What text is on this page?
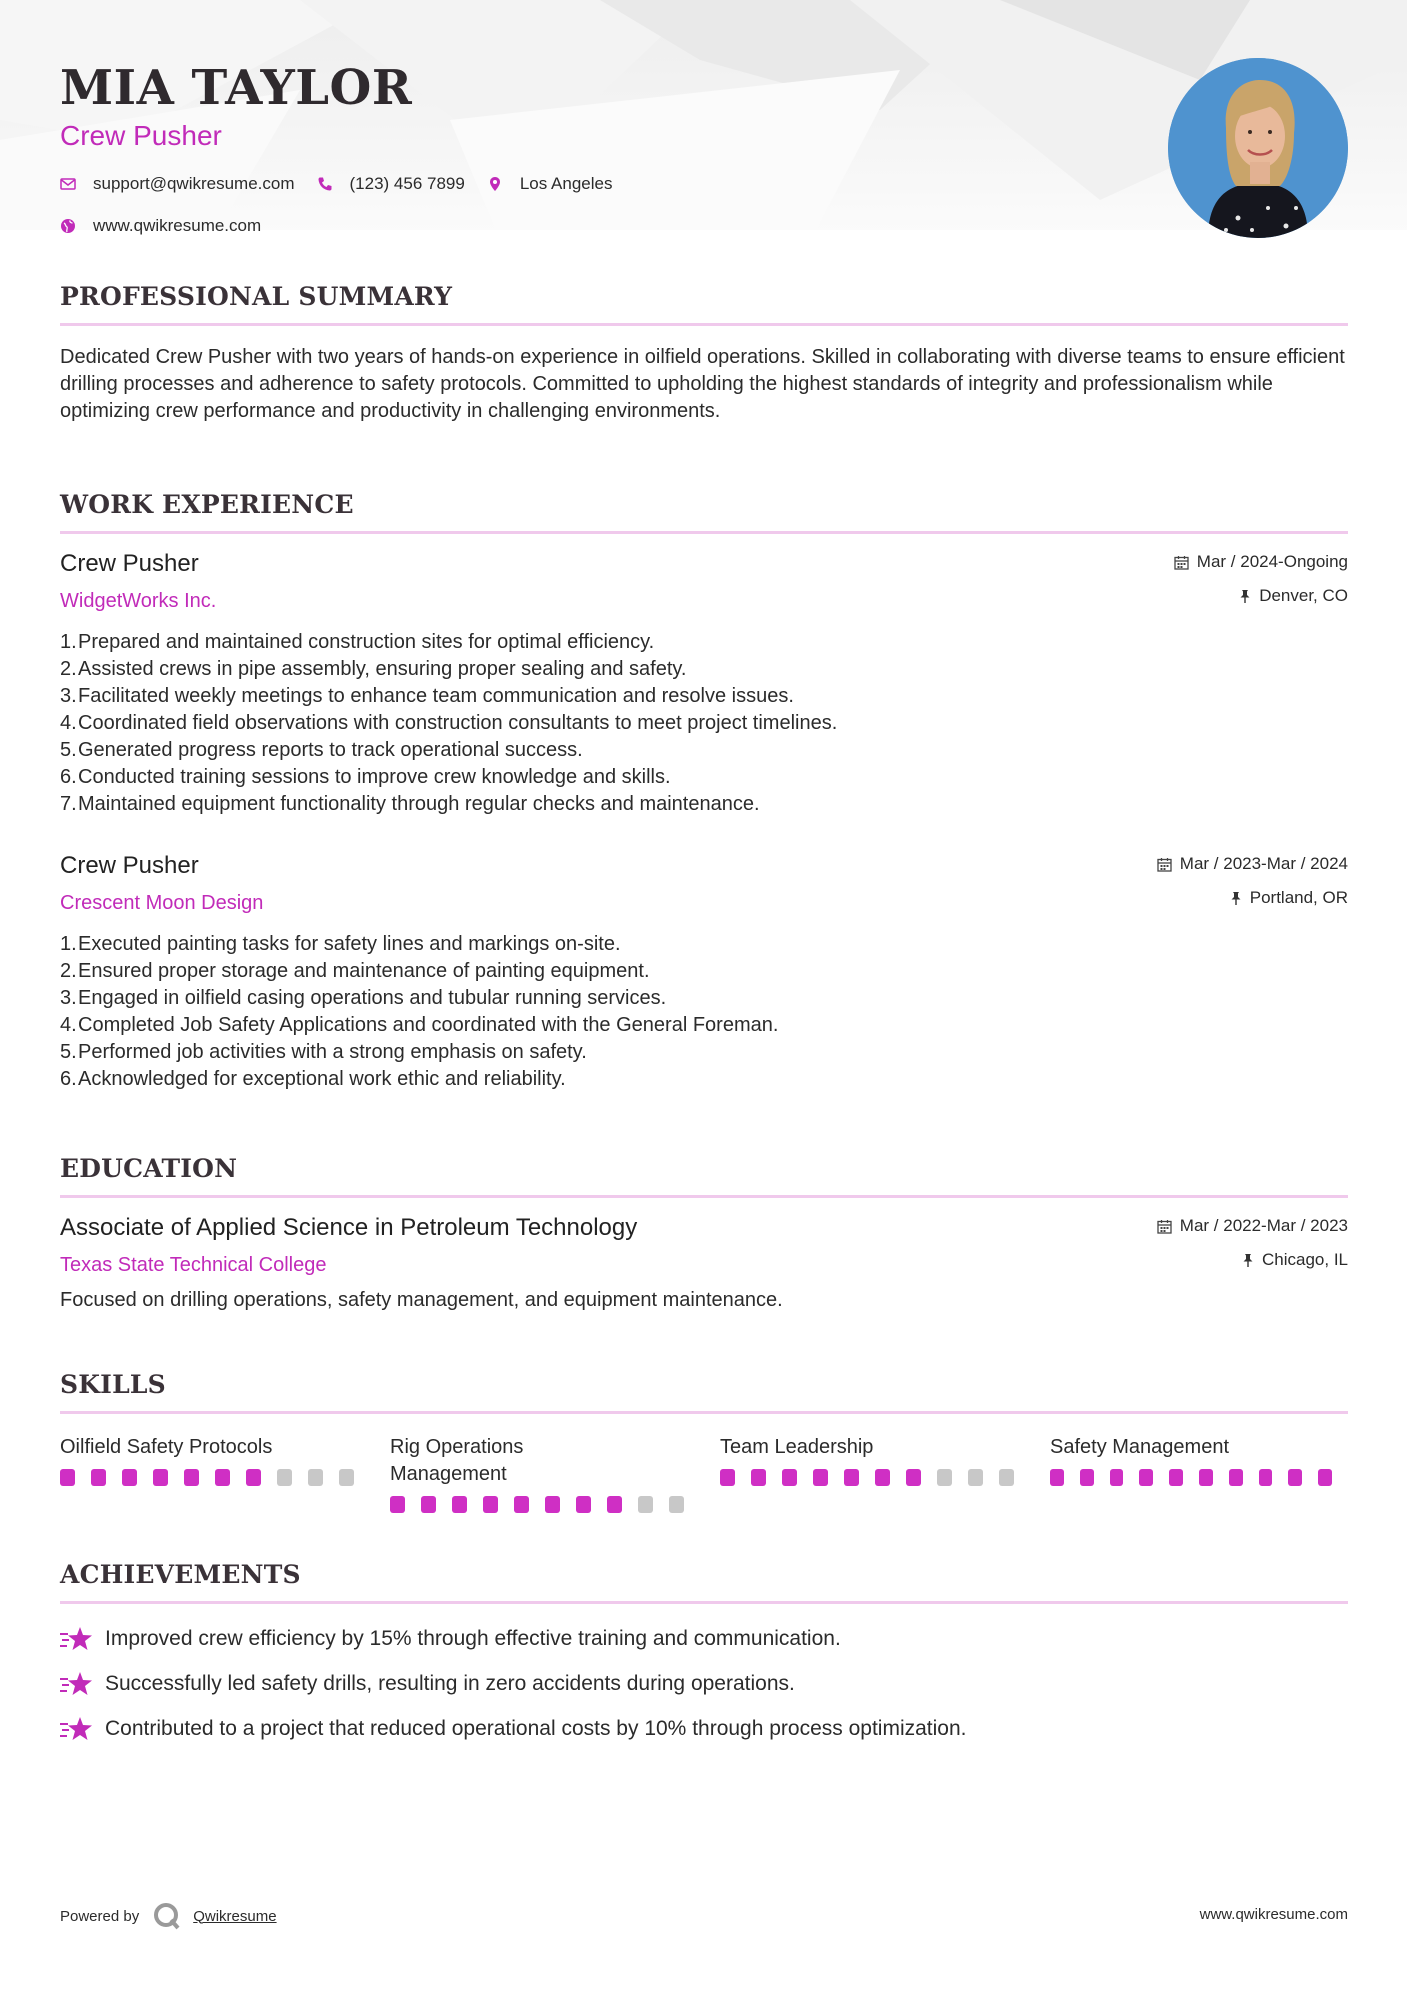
MIA TAYLOR
Crew Pusher
support@qwikresume.com	(123) 456 7899	Los Angeles
www.qwikresume.com
PROFESSIONAL SUMMARY
Dedicated Crew Pusher with two years of hands-on experience in oilfield operations. Skilled in collaborating with diverse teams to ensure efficient drilling processes and adherence to safety protocols. Committed to upholding the highest standards of integrity and professionalism while optimizing crew performance and productivity in challenging environments.
WORK EXPERIENCE
Crew Pusher
WidgetWorks Inc.
Mar / 2024-Ongoing
Denver, CO
1. Prepared and maintained construction sites for optimal efficiency.
2. Assisted crews in pipe assembly, ensuring proper sealing and safety.
3. Facilitated weekly meetings to enhance team communication and resolve issues.
4. Coordinated field observations with construction consultants to meet project timelines.
5. Generated progress reports to track operational success.
6. Conducted training sessions to improve crew knowledge and skills.
7. Maintained equipment functionality through regular checks and maintenance.
Crew Pusher
Crescent Moon Design
Mar / 2023-Mar / 2024
Portland, OR
1. Executed painting tasks for safety lines and markings on-site.
2. Ensured proper storage and maintenance of painting equipment.
3. Engaged in oilfield casing operations and tubular running services.
4. Completed Job Safety Applications and coordinated with the General Foreman.
5. Performed job activities with a strong emphasis on safety.
6. Acknowledged for exceptional work ethic and reliability.
EDUCATION
Associate of Applied Science in Petroleum Technology
Texas State Technical College
Mar / 2022-Mar / 2023
Chicago, IL
Focused on drilling operations, safety management, and equipment maintenance.
SKILLS
Oilfield Safety Protocols	Rig Operations Management
Team Leadership	Safety Management
ACHIEVEMENTS
Improved crew efficiency by 15% through effective training and communication.
Successfully led safety drills, resulting in zero accidents during operations.
Contributed to a project that reduced operational costs by 10% through process optimization.
Powered by	Qwikresume	www.qwikresume.com
